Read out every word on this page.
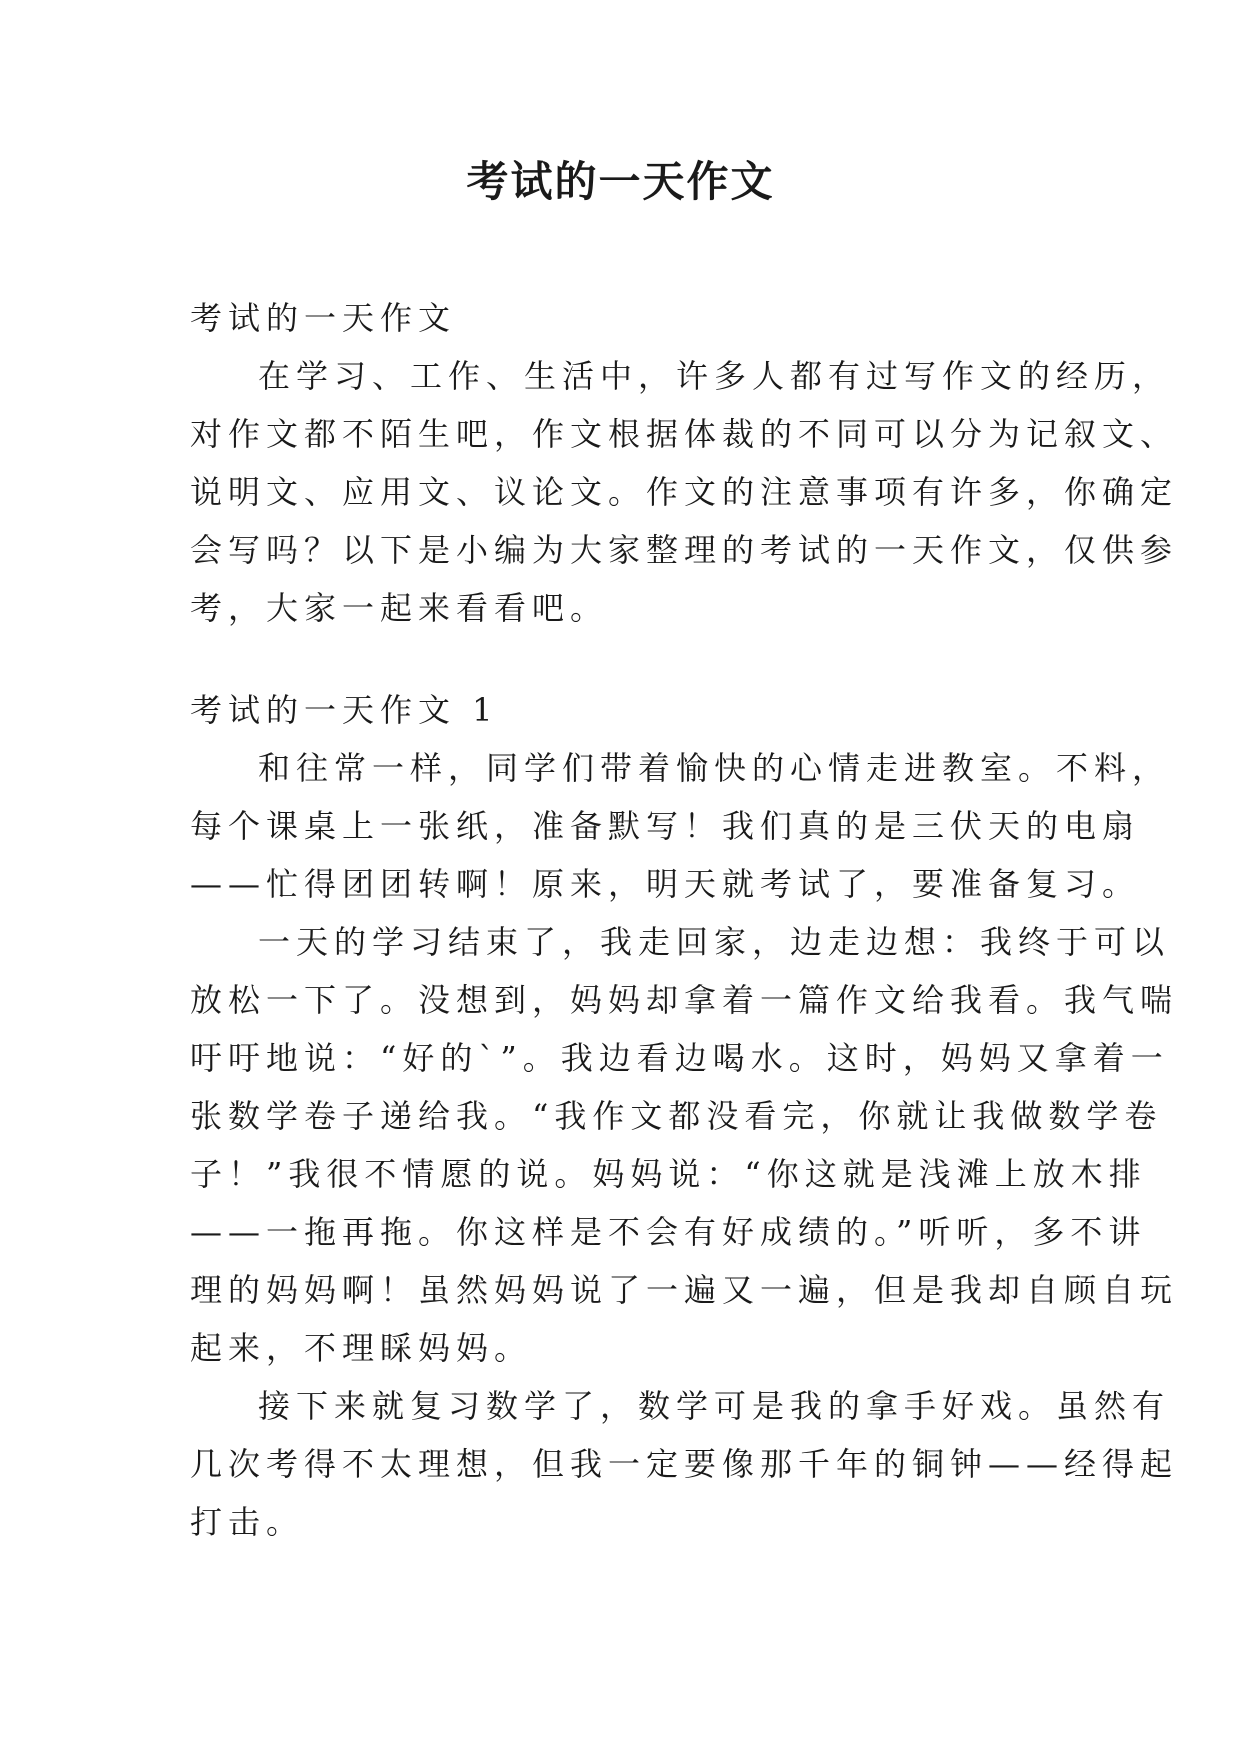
考试的一天作文
考试的一天作文
在学习、工作、生活中，许多人都有过写作文的经历，
对作文都不陌生吧，作文根据体裁的不同可以分为记叙文、
说明文、应用文、议论文。作文的注意事项有许多，你确定
会写吗？以下是小编为大家整理的考试的一天作文，仅供参
考，大家一起来看看吧。
考试的一天作文 1
和往常一样，同学们带着愉快的心情走进教室。不料，
每个课桌上一张纸，准备默写！我们真的是三伏天的电扇
——忙得团团转啊！原来，明天就考试了，要准备复习。
一天的学习结束了，我走回家，边走边想：我终于可以
放松一下了。没想到，妈妈却拿着一篇作文给我看。我气喘
吁吁地说：“好的`”。我边看边喝水。这时，妈妈又拿着一
张数学卷子递给我。“我作文都没看完，你就让我做数学卷
子！”我很不情愿的说。妈妈说：“你这就是浅滩上放木排
——一拖再拖。你这样是不会有好成绩的。”听听，多不讲
理的妈妈啊！虽然妈妈说了一遍又一遍，但是我却自顾自玩
起来，不理睬妈妈。
接下来就复习数学了，数学可是我的拿手好戏。虽然有
几次考得不太理想，但我一定要像那千年的铜钟——经得起
打击。
